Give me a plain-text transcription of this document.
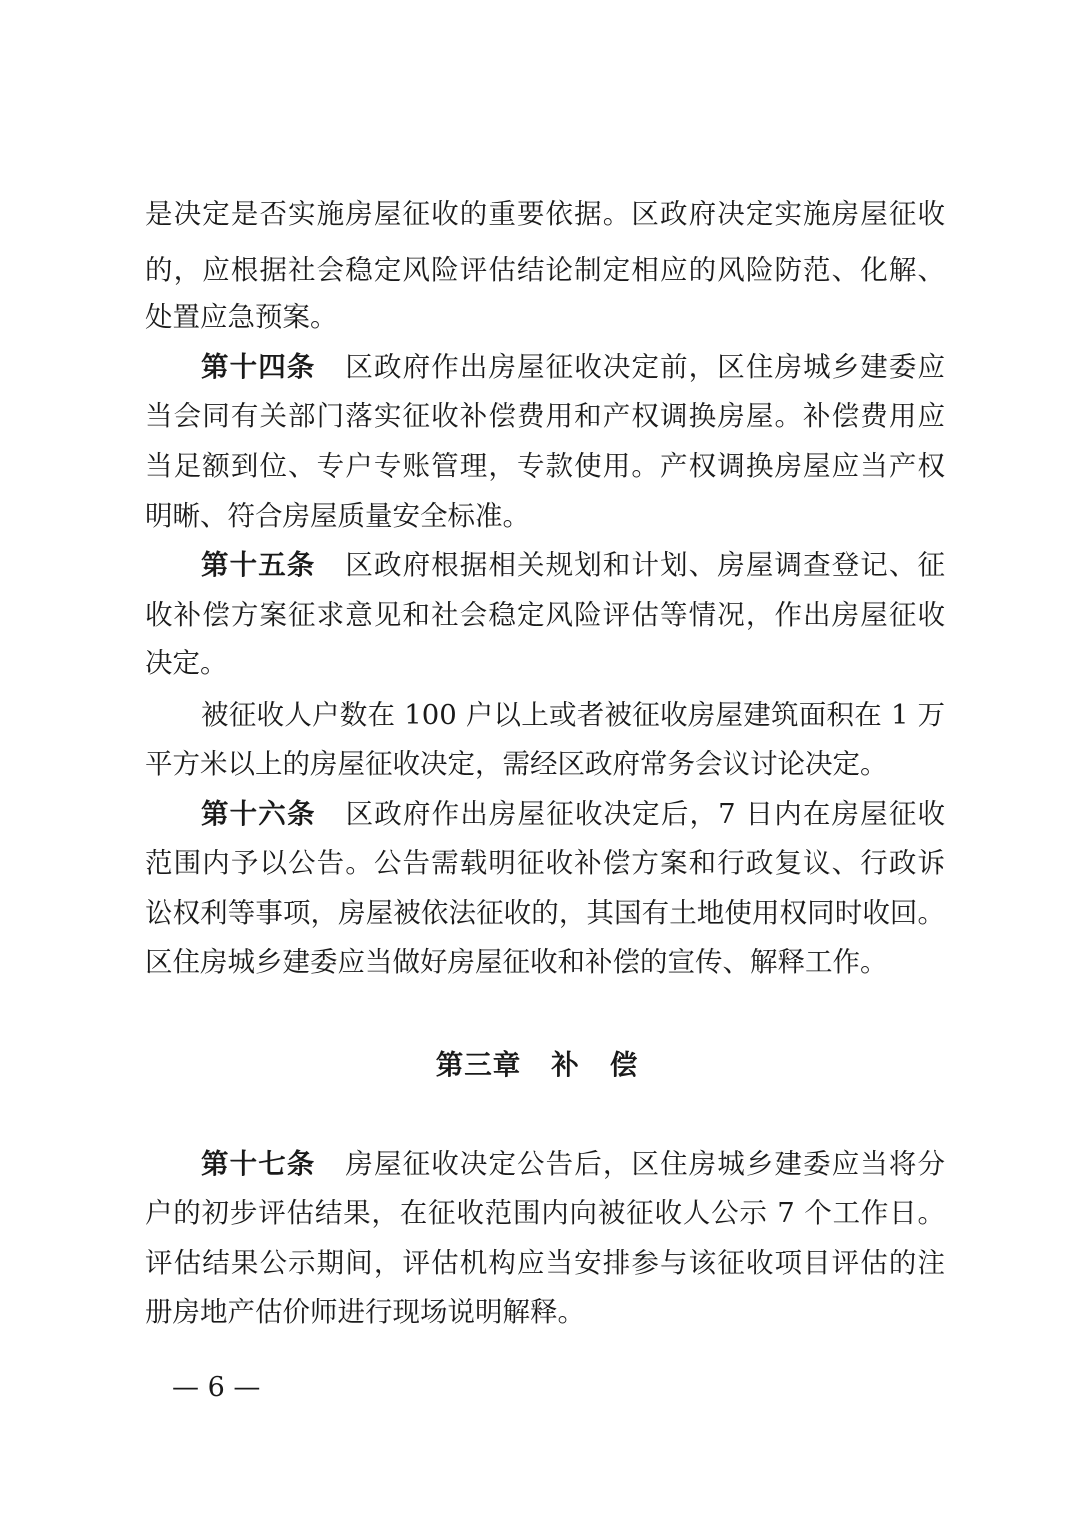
是决定是否实施房屋征收的重要依据。区政府决定实施房屋征收
的，应根据社会稳定风险评估结论制定相应的风险防范、化解、
处置应急预案。
第十四条 区政府作出房屋征收决定前，区住房城乡建委应
当会同有关部门落实征收补偿费用和产权调换房屋。补偿费用应
当足额到位、专户专账管理，专款使用。产权调换房屋应当产权
明晰、符合房屋质量安全标准。
第十五条 区政府根据相关规划和计划、房屋调查登记、征
收补偿方案征求意见和社会稳定风险评估等情况，作出房屋征收
决定。
被征收人户数在 100 户以上或者被征收房屋建筑面积在 1 万
平方米以上的房屋征收决定，需经区政府常务会议讨论决定。
第十六条 区政府作出房屋征收决定后，7 日内在房屋征收
范围内予以公告。公告需载明征收补偿方案和行政复议、行政诉
讼权利等事项，房屋被依法征收的，其国有土地使用权同时收回。
区住房城乡建委应当做好房屋征收和补偿的宣传、解释工作。
第三章 补 偿
第十七条 房屋征收决定公告后，区住房城乡建委应当将分
户的初步评估结果，在征收范围内向被征收人公示 7 个工作日。
评估结果公示期间，评估机构应当安排参与该征收项目评估的注
册房地产估价师进行现场说明解释。
— 6 —
